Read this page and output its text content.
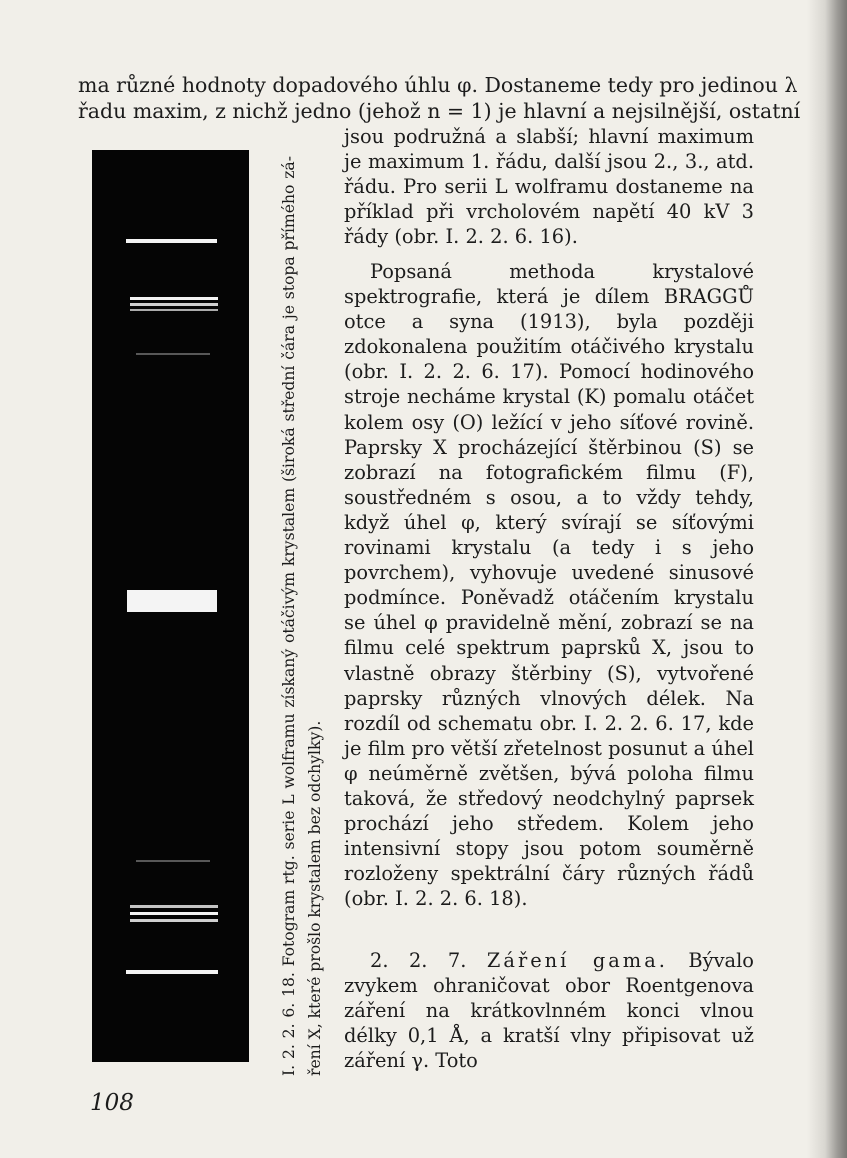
ma různé hodnoty dopadového úhlu φ. Dostaneme tedy pro jedinou λ
řadu maxim, z nichž jedno (jehož n = 1) je hlavní a nejsilnější, ostatní
I. 2. 2. 6. 18. Fotogram rtg. serie L wolframu získaný otáčivým krystalem (široká střední čára je stopa přímého zá- ření X, které prošlo krystalem bez odchylky).

jsou podružná a slabší; hlavní maximum je maximum 1. řádu, další jsou 2., 3., atd. řádu. Pro serii L wolframu dostaneme na příklad při vrcholovém napětí 40 kV 3 řády (obr. I. 2. 2. 6. 16).

Popsaná methoda krystalové spektrografie, která je dílem BRAGGŮ otce a syna (1913), byla později zdokonalena použitím otáčivého krystalu (obr. I. 2. 2. 6. 17). Pomocí hodinového stroje necháme krystal (K) pomalu otáčet kolem osy (O) ležící v jeho síťové rovině. Paprsky X procházející štěrbinou (S) se zobrazí na fotografickém filmu (F), soustředném s osou, a to vždy tehdy, když úhel φ, který svírají se síťovými rovinami krystalu (a tedy i s jeho povrchem), vyhovuje uvedené sinusové podmínce. Poněvadž otáčením krystalu se úhel φ pravidelně mění, zobrazí se na filmu celé spektrum paprsků X, jsou to vlastně obrazy štěrbiny (S), vytvořené paprsky různých vlnových délek. Na rozdíl od schematu obr. I. 2. 2. 6. 17, kde je film pro větší zřetelnost posunut a úhel φ neúměrně zvětšen, bývá poloha filmu taková, že středový neodchylný paprsek prochází jeho středem. Kolem jeho intensivní stopy jsou potom souměrně rozloženy spektrální čáry různých řádů (obr. I. 2. 2. 6. 18).

2. 2. 7. Záření gama. Bývalo zvykem ohraničovat obor Roentgenova záření na krátkovlnném konci vlnou délky 0,1 Å, a kratší vlny připisovat už záření γ. Toto

108
